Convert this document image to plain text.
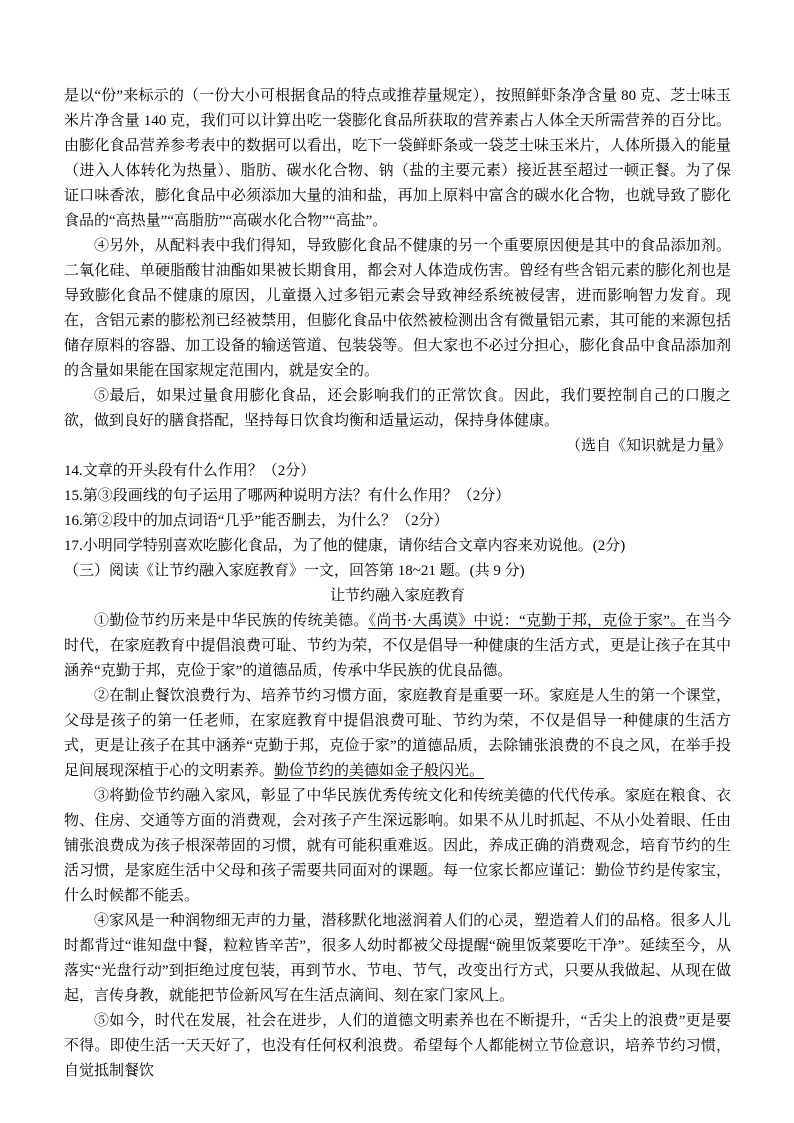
是以“份”来标示的（一份大小可根据食品的特点或推荐量规定），按照鲜虾条净含量 80 克、芝士味玉米片净含量 140 克，我们可以计算出吃一袋膨化食品所获取的营养素占人体全天所需营养的百分比。由膨化食品营养参考表中的数据可以看出，吃下一袋鲜虾条或一袋芝士味玉米片，人体所摄入的能量（进入人体转化为热量）、脂肪、碳水化合物、钠（盐的主要元素）接近甚至超过一顿正餐。为了保证口味香浓，膨化食品中必须添加大量的油和盐，再加上原料中富含的碳水化合物，也就导致了膨化食品的“高热量”“高脂肪”“高碳水化合物”“高盐”。

④另外，从配料表中我们得知，导致膨化食品不健康的另一个重要原因便是其中的食品添加剂。二氧化硅、单硬脂酸甘油酯如果被长期食用，都会对人体造成伤害。曾经有些含铝元素的膨化剂也是导致膨化食品不健康的原因，儿童摄入过多铝元素会导致神经系统被侵害，进而影响智力发育。现在，含铝元素的膨松剂已经被禁用，但膨化食品中依然被检测出含有微量铝元素，其可能的来源包括储存原料的容器、加工设备的输送管道、包装袋等。但大家也不必过分担心，膨化食品中食品添加剂的含量如果能在国家规定范围内，就是安全的。

⑤最后，如果过量食用膨化食品，还会影响我们的正常饮食。因此，我们要控制自己的口腹之欲，做到良好的膳食搭配，坚持每日饮食均衡和适量运动，保持身体健康。

（选自《知识就是力量》

14.文章的开头段有什么作用？（2分）

15.第③段画线的句子运用了哪两种说明方法？有什么作用？（2分）

16.第②段中的加点词语“几乎”能否删去，为什么？（2分）

17.小明同学特别喜欢吃膨化食品，为了他的健康，请你结合文章内容来劝说他。(2分)

（三）阅读《让节约融入家庭教育》一文，回答第 18~21 题。(共 9 分)

让节约融入家庭教育

①勤俭节约历来是中华民族的传统美德。《尚书·大禹谟》中说：“克勤于邦，克俭于家”。在当今时代，在家庭教育中提倡浪费可耻、节约为荣，不仅是倡导一种健康的生活方式，更是让孩子在其中涵养“克勤于邦，克俭于家”的道德品质，传承中华民族的优良品德。

②在制止餐饮浪费行为、培养节约习惯方面，家庭教育是重要一环。家庭是人生的第一个课堂，父母是孩子的第一任老师，在家庭教育中提倡浪费可耻、节约为荣，不仅是倡导一种健康的生活方式，更是让孩子在其中涵养“克勤于邦，克俭于家”的道德品质，去除铺张浪费的不良之风，在举手投足间展现深植于心的文明素养。勤俭节约的美德如金子般闪光。

③将勤俭节约融入家风，彰显了中华民族优秀传统文化和传统美德的代代传承。家庭在粮食、衣物、住房、交通等方面的消费观，会对孩子产生深远影响。如果不从儿时抓起、不从小处着眼、任由铺张浪费成为孩子根深蒂固的习惯，就有可能积重难返。因此，养成正确的消费观念，培育节约的生活习惯，是家庭生活中父母和孩子需要共同面对的课题。每一位家长都应谨记：勤俭节约是传家宝，什么时候都不能丢。

④家风是一种润物细无声的力量，潜移默化地滋润着人们的心灵，塑造着人们的品格。很多人儿时都背过“谁知盘中餐，粒粒皆辛苦”，很多人幼时都被父母提醒“碗里饭菜要吃干净”。延续至今，从落实“光盘行动”到拒绝过度包装，再到节水、节电、节气，改变出行方式，只要从我做起、从现在做起，言传身教，就能把节俭新风写在生活点滴间、刻在家门家风上。

⑤如今，时代在发展，社会在进步，人们的道德文明素养也在不断提升，“舌尖上的浪费”更是要不得。即使生活一天天好了，也没有任何权利浪费。希望每个人都能树立节俭意识，培养节约习惯，自觉抵制餐饮
